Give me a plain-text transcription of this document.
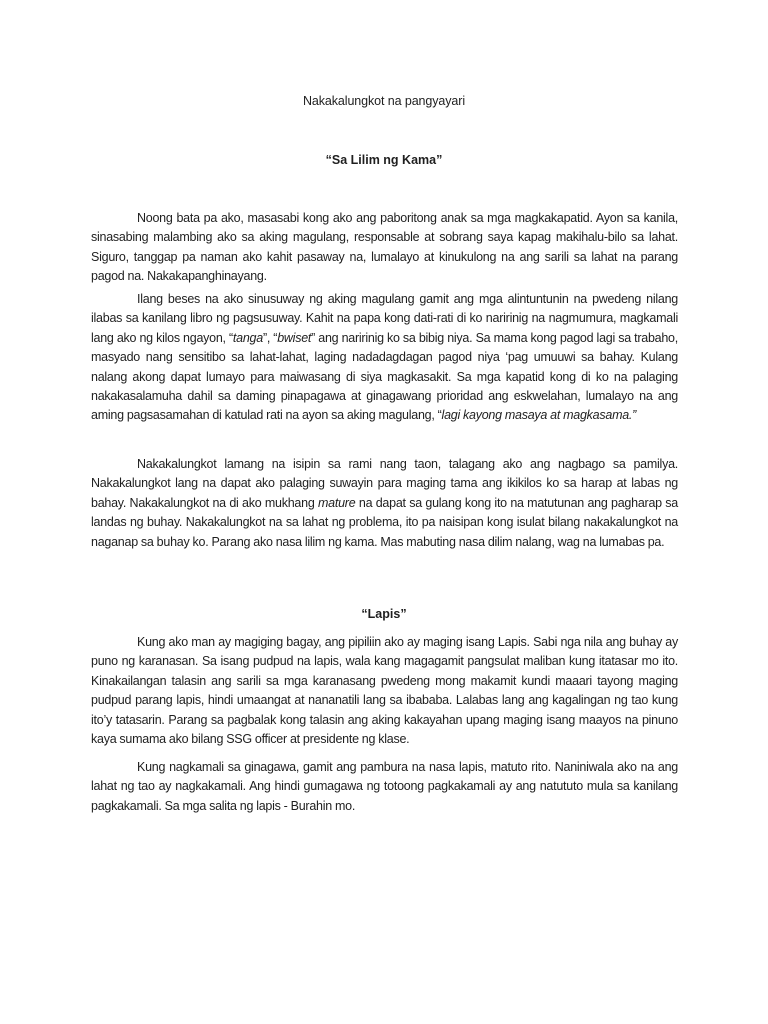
Nakakalungkot na pangyayari
“Sa Lilim ng Kama”

Noong bata pa ako, masasabi kong ako ang paboritong anak sa mga magkakapatid. Ayon sa kanila, sinasabing malambing ako sa aking magulang, responsable at sobrang saya kapag makihalu-bilo sa lahat. Siguro, tanggap pa naman ako kahit pasaway na, lumalayo at kinukulong na ang sarili sa lahat na parang pagod na. Nakakapanghinayang.

Ilang beses na ako sinusuway ng aking magulang gamit ang mga alintuntunin na pwedeng nilang ilabas sa kanilang libro ng pagsusuway. Kahit na papa kong dati-rati di ko naririnig na nagmumura, magkamali lang ako ng kilos ngayon, “tanga”, “bwiset” ang naririnig ko sa bibig niya. Sa mama kong pagod lagi sa trabaho, masyado nang sensitibo sa lahat-lahat, laging nadadagdagan pagod niya ‘pag umuuwi sa bahay. Kulang nalang akong dapat lumayo para maiwasang di siya magkasakit. Sa mga kapatid kong di ko na palaging nakakasalamuha dahil sa daming pinapagawa at ginagawang prioridad ang eskwelahan, lumalayo na ang aming pagsasamahan di katulad rati na ayon sa aking magulang, “lagi kayong masaya at magkasama.”

Nakakalungkot lamang na isipin sa rami nang taon, talagang ako ang nagbago sa pamilya. Nakakalungkot lang na dapat ako palaging suwayin para maging tama ang ikikilos ko sa harap at labas ng bahay. Nakakalungkot na di ako mukhang mature na dapat sa gulang kong ito na matutunan ang pagharap sa landas ng buhay. Nakakalungkot na sa lahat ng problema, ito pa naisipan kong isulat bilang nakakalungkot na naganap sa buhay ko. Parang ako nasa lilim ng kama. Mas mabuting nasa dilim nalang, wag na lumabas pa.

“Lapis”

Kung ako man ay magiging bagay, ang pipiliin ako ay maging isang Lapis. Sabi nga nila ang buhay ay puno ng karanasan. Sa isang pudpud na lapis, wala kang magagamit pangsulat maliban kung itatasar mo ito. Kinakailangan talasin ang sarili sa mga karanasang pwedeng mong makamit kundi maaari tayong maging pudpud parang lapis, hindi umaangat at nananatili lang sa ibababa. Lalabas lang ang kagalingan ng tao kung ito’y tatasarin. Parang sa pagbalak kong talasin ang aking kakayahan upang maging isang maayos na pinuno kaya sumama ako bilang SSG officer at presidente ng klase.

Kung nagkamali sa ginagawa, gamit ang pambura na nasa lapis, matuto rito. Naniniwala ako na ang lahat ng tao ay nagkakamali. Ang hindi gumagawa ng totoong pagkakamali ay ang natututo mula sa kanilang pagkakamali. Sa mga salita ng lapis - Burahin mo.
